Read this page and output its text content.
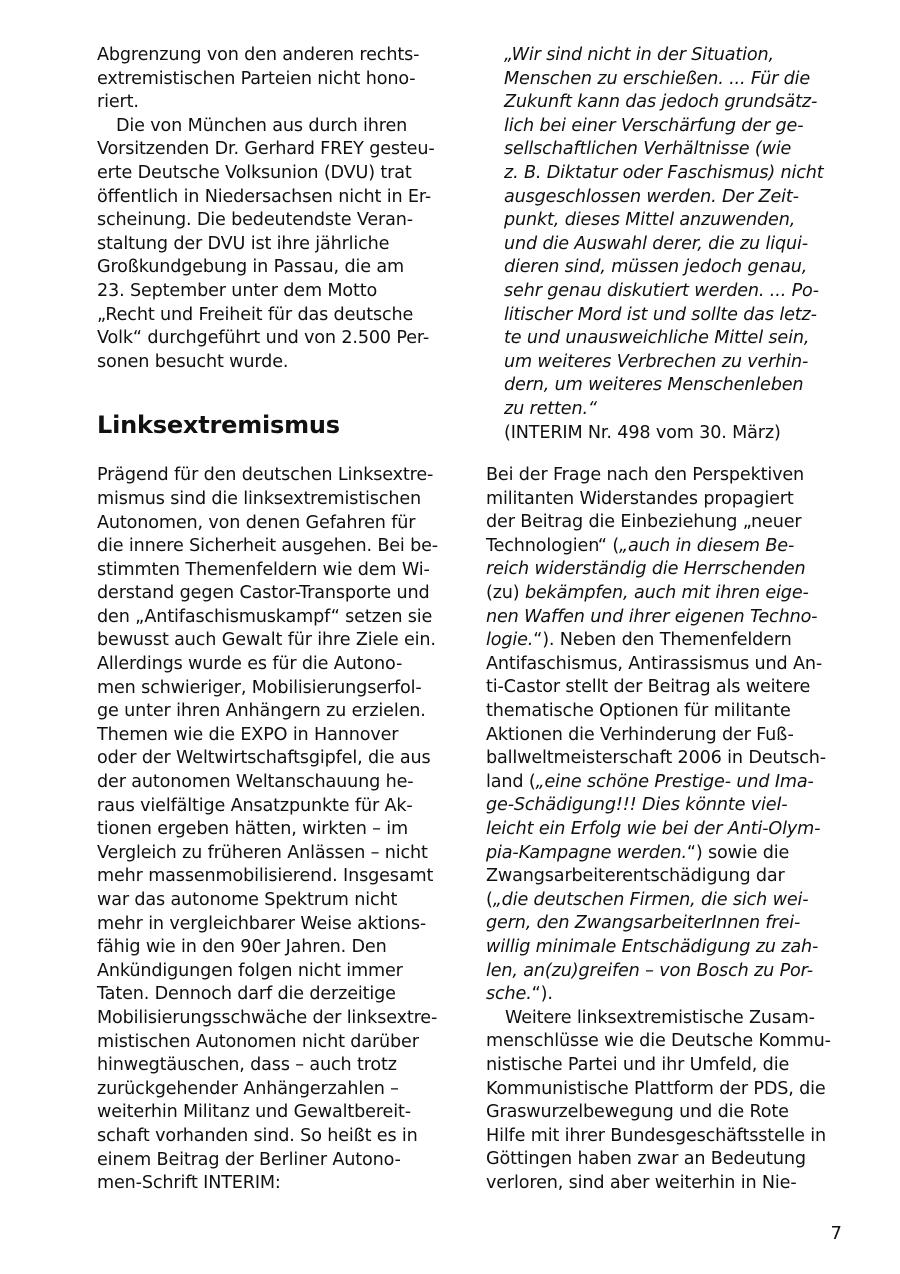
Abgrenzung von den anderen rechts-
extremistischen Parteien nicht hono-
riert.
Die von München aus durch ihren
Vorsitzenden Dr. Gerhard FREY gesteu-
erte Deutsche Volksunion (DVU) trat
öffentlich in Niedersachsen nicht in Er-
scheinung. Die bedeutendste Veran-
staltung der DVU ist ihre jährliche
Großkundgebung in Passau, die am
23. September unter dem Motto
„Recht und Freiheit für das deutsche
Volk“ durchgeführt und von 2.500 Per-
sonen besucht wurde.
Linksextremismus
Prägend für den deutschen Linksextre-
mismus sind die linksextremistischen
Autonomen, von denen Gefahren für
die innere Sicherheit ausgehen. Bei be-
stimmten Themenfeldern wie dem Wi-
derstand gegen Castor-Transporte und
den „Antifaschismuskampf“ setzen sie
bewusst auch Gewalt für ihre Ziele ein.
Allerdings wurde es für die Autono-
men schwieriger, Mobilisierungserfol-
ge unter ihren Anhängern zu erzielen.
Themen wie die EXPO in Hannover
oder der Weltwirtschaftsgipfel, die aus
der autonomen Weltanschauung he-
raus vielfältige Ansatzpunkte für Ak-
tionen ergeben hätten, wirkten – im
Vergleich zu früheren Anlässen – nicht
mehr massenmobilisierend. Insgesamt
war das autonome Spektrum nicht
mehr in vergleichbarer Weise aktions-
fähig wie in den 90er Jahren. Den
Ankündigungen folgen nicht immer
Taten. Dennoch darf die derzeitige
Mobilisierungsschwäche der linksextre-
mistischen Autonomen nicht darüber
hinwegtäuschen, dass – auch trotz
zurückgehender Anhängerzahlen –
weiterhin Militanz und Gewaltbereit-
schaft vorhanden sind. So heißt es in
einem Beitrag der Berliner Autono-
men-Schrift INTERIM:
„Wir sind nicht in der Situation,
Menschen zu erschießen. ... Für die
Zukunft kann das jedoch grundsätz-
lich bei einer Verschärfung der ge-
sellschaftlichen Verhältnisse (wie
z. B. Diktatur oder Faschismus) nicht
ausgeschlossen werden. Der Zeit-
punkt, dieses Mittel anzuwenden,
und die Auswahl derer, die zu liqui-
dieren sind, müssen jedoch genau,
sehr genau diskutiert werden. ... Po-
litischer Mord ist und sollte das letz-
te und unausweichliche Mittel sein,
um weiteres Verbrechen zu verhin-
dern, um weiteres Menschenleben
zu retten.“
(INTERIM Nr. 498 vom 30. März)
Bei der Frage nach den Perspektiven
militanten Widerstandes propagiert
der Beitrag die Einbeziehung „neuer
Technologien“ („auch in diesem Be-
reich widerständig die Herrschenden
(zu) bekämpfen, auch mit ihren eige-
nen Waffen und ihrer eigenen Techno-
logie.“). Neben den Themenfeldern
Antifaschismus, Antirassismus und An-
ti-Castor stellt der Beitrag als weitere
thematische Optionen für militante
Aktionen die Verhinderung der Fuß-
ballweltmeisterschaft 2006 in Deutsch-
land („eine schöne Prestige- und Ima-
ge-Schädigung!!! Dies könnte viel-
leicht ein Erfolg wie bei der Anti-Olym-
pia-Kampagne werden.“) sowie die
Zwangsarbeiterentschädigung dar
(„die deutschen Firmen, die sich wei-
gern, den ZwangsarbeiterInnen frei-
willig minimale Entschädigung zu zah-
len, an(zu)greifen – von Bosch zu Por-
sche.“).
Weitere linksextremistische Zusam-
menschlüsse wie die Deutsche Kommu-
nistische Partei und ihr Umfeld, die
Kommunistische Plattform der PDS, die
Graswurzelbewegung und die Rote
Hilfe mit ihrer Bundesgeschäftsstelle in
Göttingen haben zwar an Bedeutung
verloren, sind aber weiterhin in Nie-
7
